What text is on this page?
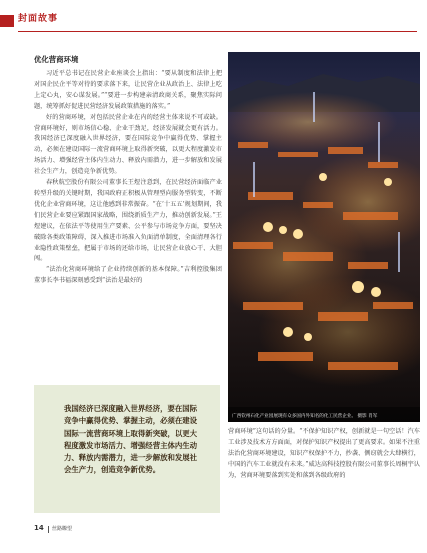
封面故事
优化营商环境

习近平总书记在民营企业座谈会上指出：“要从制度和法律上把对国企民企平等对待的要求落下来，让民营企业从政治上、法律上吃上定心丸，安心谋发展。”“要进一步构建亲清政商关系，聚焦实际问题，统筹抓好促进民营经济发展政策措施的落实。”

好的营商环境，对包括民营企业在内的经营主体来说不可或缺。营商环境好，则市场信心稳、企业干劲足，经济发展就会更有活力。我国经济已深度融入世界经济，要在国际竞争中赢得优势、掌握主动，必须在建设国际一流营商环境上取得新突破，以更大程度激发市场活力、增强经营主体内生动力、释放内需潜力，进一步解放和发展社会生产力，创造竞争新优势。

春秋航空股份有限公司董事长王煜注意到，在民营经济面临产业转型升级的关键时期，我国政府正积极从管理型向服务型转变，不断优化企业营商环境，这让他感到非常振奋。“在‘十五五’规划期间，我们民营企业要应紧跟国家战略，围绕新质生产力，推动创新发展。”王煜建议，在依法平等使用生产要素、公平参与市场竞争方面，要坚决破除各类政策障碍，深入推进市场准入负面清单制度，全面清理各行业隐性政策壁垒，把属于市场的还给市场，让民营企业放心干、大胆闯。

“法治化营商环境给了企业持续创新的基本保障。”吉利控股集团董事长李书福深刻感受到“法治是最好的

广西钦州石化产业园展现有众多国内外知名的化工民营企业。 摄影 肖军
我国经济已深度融入世界经济，要在国际竞争中赢得优势、掌握主动，必须在建设国际一流营商环境上取得新突破，以更大程度激发市场活力、增强经营主体内生动力、释放内需潜力，进一步解放和发展社会生产力，创造竞争新优势。
营商环境”这句话的分量。“不保护知识产权，创新就是一句空话！汽车工业涉及技术方方面面，对保护知识产权提出了更高要求。如果不注重法治化营商环境建设，知识产权保护不力，抄袭、侧窃就会大肆横行，中国的汽车工业就没有未来。”威达高科技控股有限公司董事长周桐宇认为，营商环境要落到实处和落到各级政府的
14 丝路瞭望
